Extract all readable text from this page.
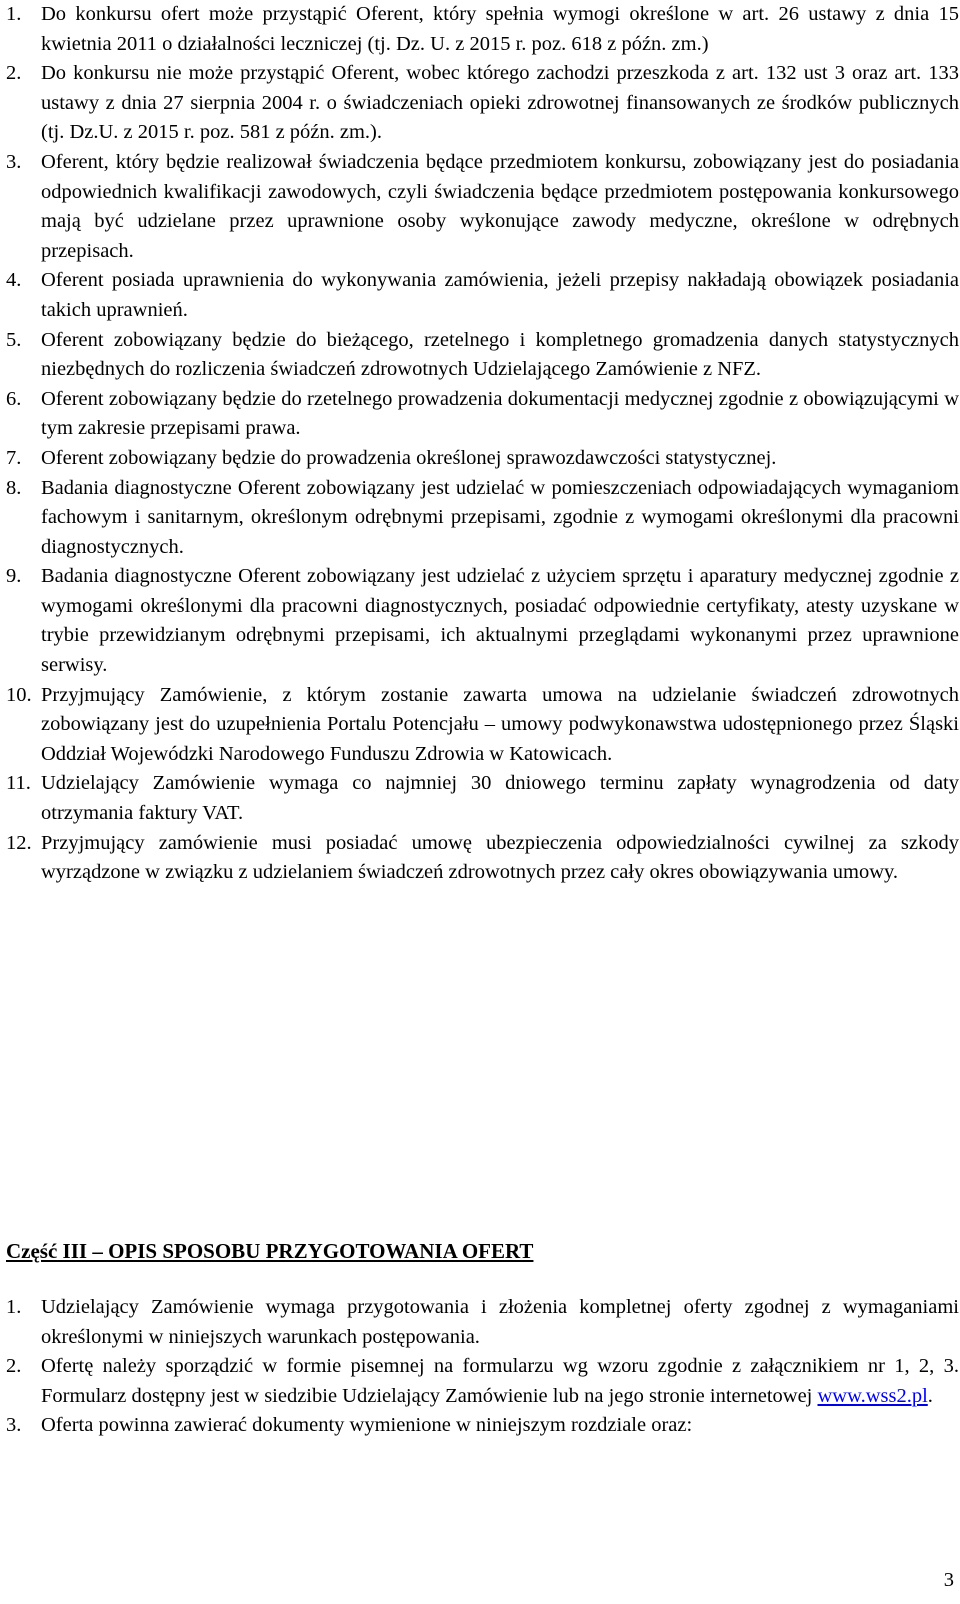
1. Do konkursu ofert może przystąpić Oferent, który spełnia wymogi określone w art. 26 ustawy z dnia 15 kwietnia 2011 o działalności leczniczej (tj. Dz. U. z 2015 r. poz. 618 z późn. zm.)
2. Do konkursu nie może przystąpić Oferent, wobec którego zachodzi przeszkoda z art. 132 ust 3 oraz art. 133 ustawy z dnia 27 sierpnia 2004 r. o świadczeniach opieki zdrowotnej finansowanych ze środków publicznych (tj. Dz.U. z 2015 r. poz. 581 z późn. zm.).
3. Oferent, który będzie realizował świadczenia będące przedmiotem konkursu, zobowiązany jest do posiadania odpowiednich kwalifikacji zawodowych, czyli świadczenia będące przedmiotem postępowania konkursowego mają być udzielane przez uprawnione osoby wykonujące zawody medyczne, określone w odrębnych przepisach.
4. Oferent posiada uprawnienia do wykonywania zamówienia, jeżeli przepisy nakładają obowiązek posiadania takich uprawnień.
5. Oferent zobowiązany będzie do bieżącego, rzetelnego i kompletnego gromadzenia danych statystycznych niezbędnych do rozliczenia świadczeń zdrowotnych Udzielającego Zamówienie z NFZ.
6. Oferent zobowiązany będzie do rzetelnego prowadzenia dokumentacji medycznej zgodnie z obowiązującymi w tym zakresie przepisami prawa.
7. Oferent zobowiązany będzie do prowadzenia określonej sprawozdawczości statystycznej.
8. Badania diagnostyczne Oferent zobowiązany jest udzielać w pomieszczeniach odpowiadających wymaganiom fachowym i sanitarnym, określonym odrębnymi przepisami, zgodnie z wymogami określonymi dla pracowni diagnostycznych.
9. Badania diagnostyczne Oferent zobowiązany jest udzielać z użyciem sprzętu i aparatury medycznej zgodnie z wymogami określonymi dla pracowni diagnostycznych, posiadać odpowiednie certyfikaty, atesty uzyskane w trybie przewidzianym odrębnymi przepisami, ich aktualnymi przeglądami wykonanymi przez uprawnione serwisy.
10. Przyjmujący Zamówienie, z którym zostanie zawarta umowa na udzielanie świadczeń zdrowotnych zobowiązany jest do uzupełnienia Portalu Potencjału – umowy podwykonawstwa udostępnionego przez Śląski Oddział Wojewódzki Narodowego Funduszu Zdrowia w Katowicach.
11. Udzielający Zamówienie wymaga co najmniej 30 dniowego terminu zapłaty wynagrodzenia od daty otrzymania faktury VAT.
12. Przyjmujący zamówienie musi posiadać umowę ubezpieczenia odpowiedzialności cywilnej za szkody wyrządzone w związku z udzielaniem świadczeń zdrowotnych przez cały okres obowiązywania umowy.
Część III – OPIS SPOSOBU PRZYGOTOWANIA OFERT
1. Udzielający Zamówienie wymaga przygotowania i złożenia kompletnej oferty zgodnej z wymaganiami określonymi w niniejszych warunkach postępowania.
2. Ofertę należy sporządzić w formie pisemnej na formularzu wg wzoru zgodnie z załącznikiem nr 1, 2, 3. Formularz dostępny jest w siedzibie Udzielający Zamówienie lub na jego stronie internetowej www.wss2.pl.
3. Oferta powinna zawierać dokumenty wymienione w niniejszym rozdziale oraz:
3
